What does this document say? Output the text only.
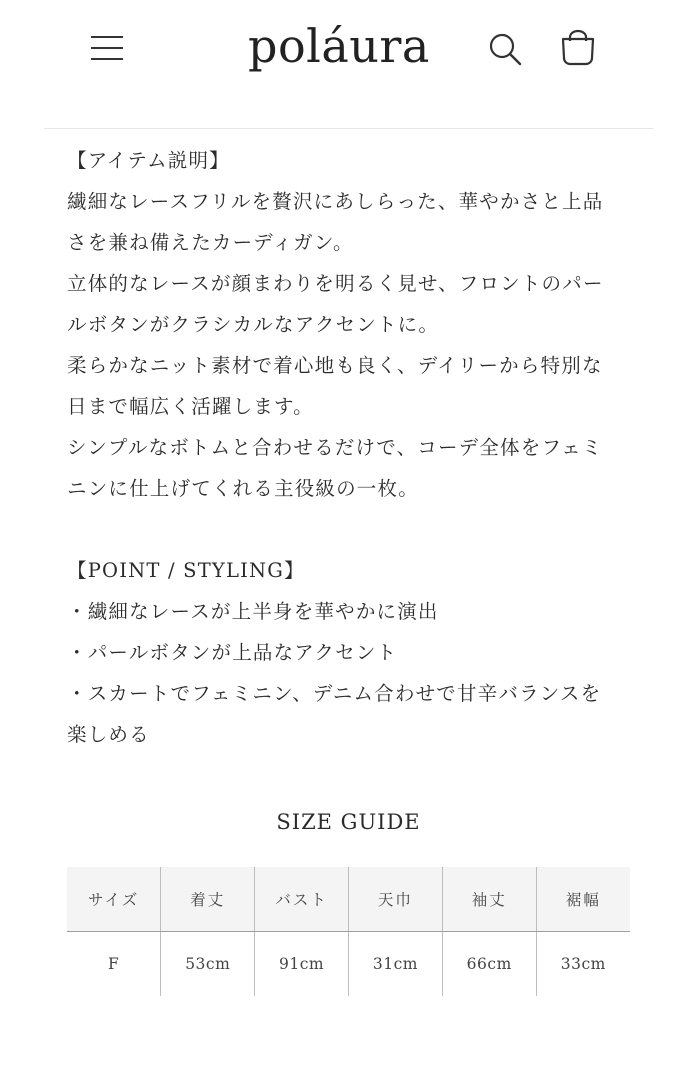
poláura

【アイテム説明】

繊細なレースフリルを贅沢にあしらった、華やかさと上品

さを兼ね備えたカーディガン。

立体的なレースが顔まわりを明るく見せ、フロントのパー

ルボタンがクラシカルなアクセントに。

柔らかなニット素材で着心地も良く、デイリーから特別な

日まで幅広く活躍します。

シンプルなボトムと合わせるだけで、コーデ全体をフェミ

ニンに仕上げてくれる主役級の一枚。

【POINT / STYLING】

・繊細なレースが上半身を華やかに演出

・パールボタンが上品なアクセント

・スカートでフェミニン、デニム合わせで甘辛バランスを

楽しめる

SIZE GUIDE
サイズ	着丈	バスト	天巾	袖丈	裾幅
F	53cm	91cm	31cm	66cm	33cm
